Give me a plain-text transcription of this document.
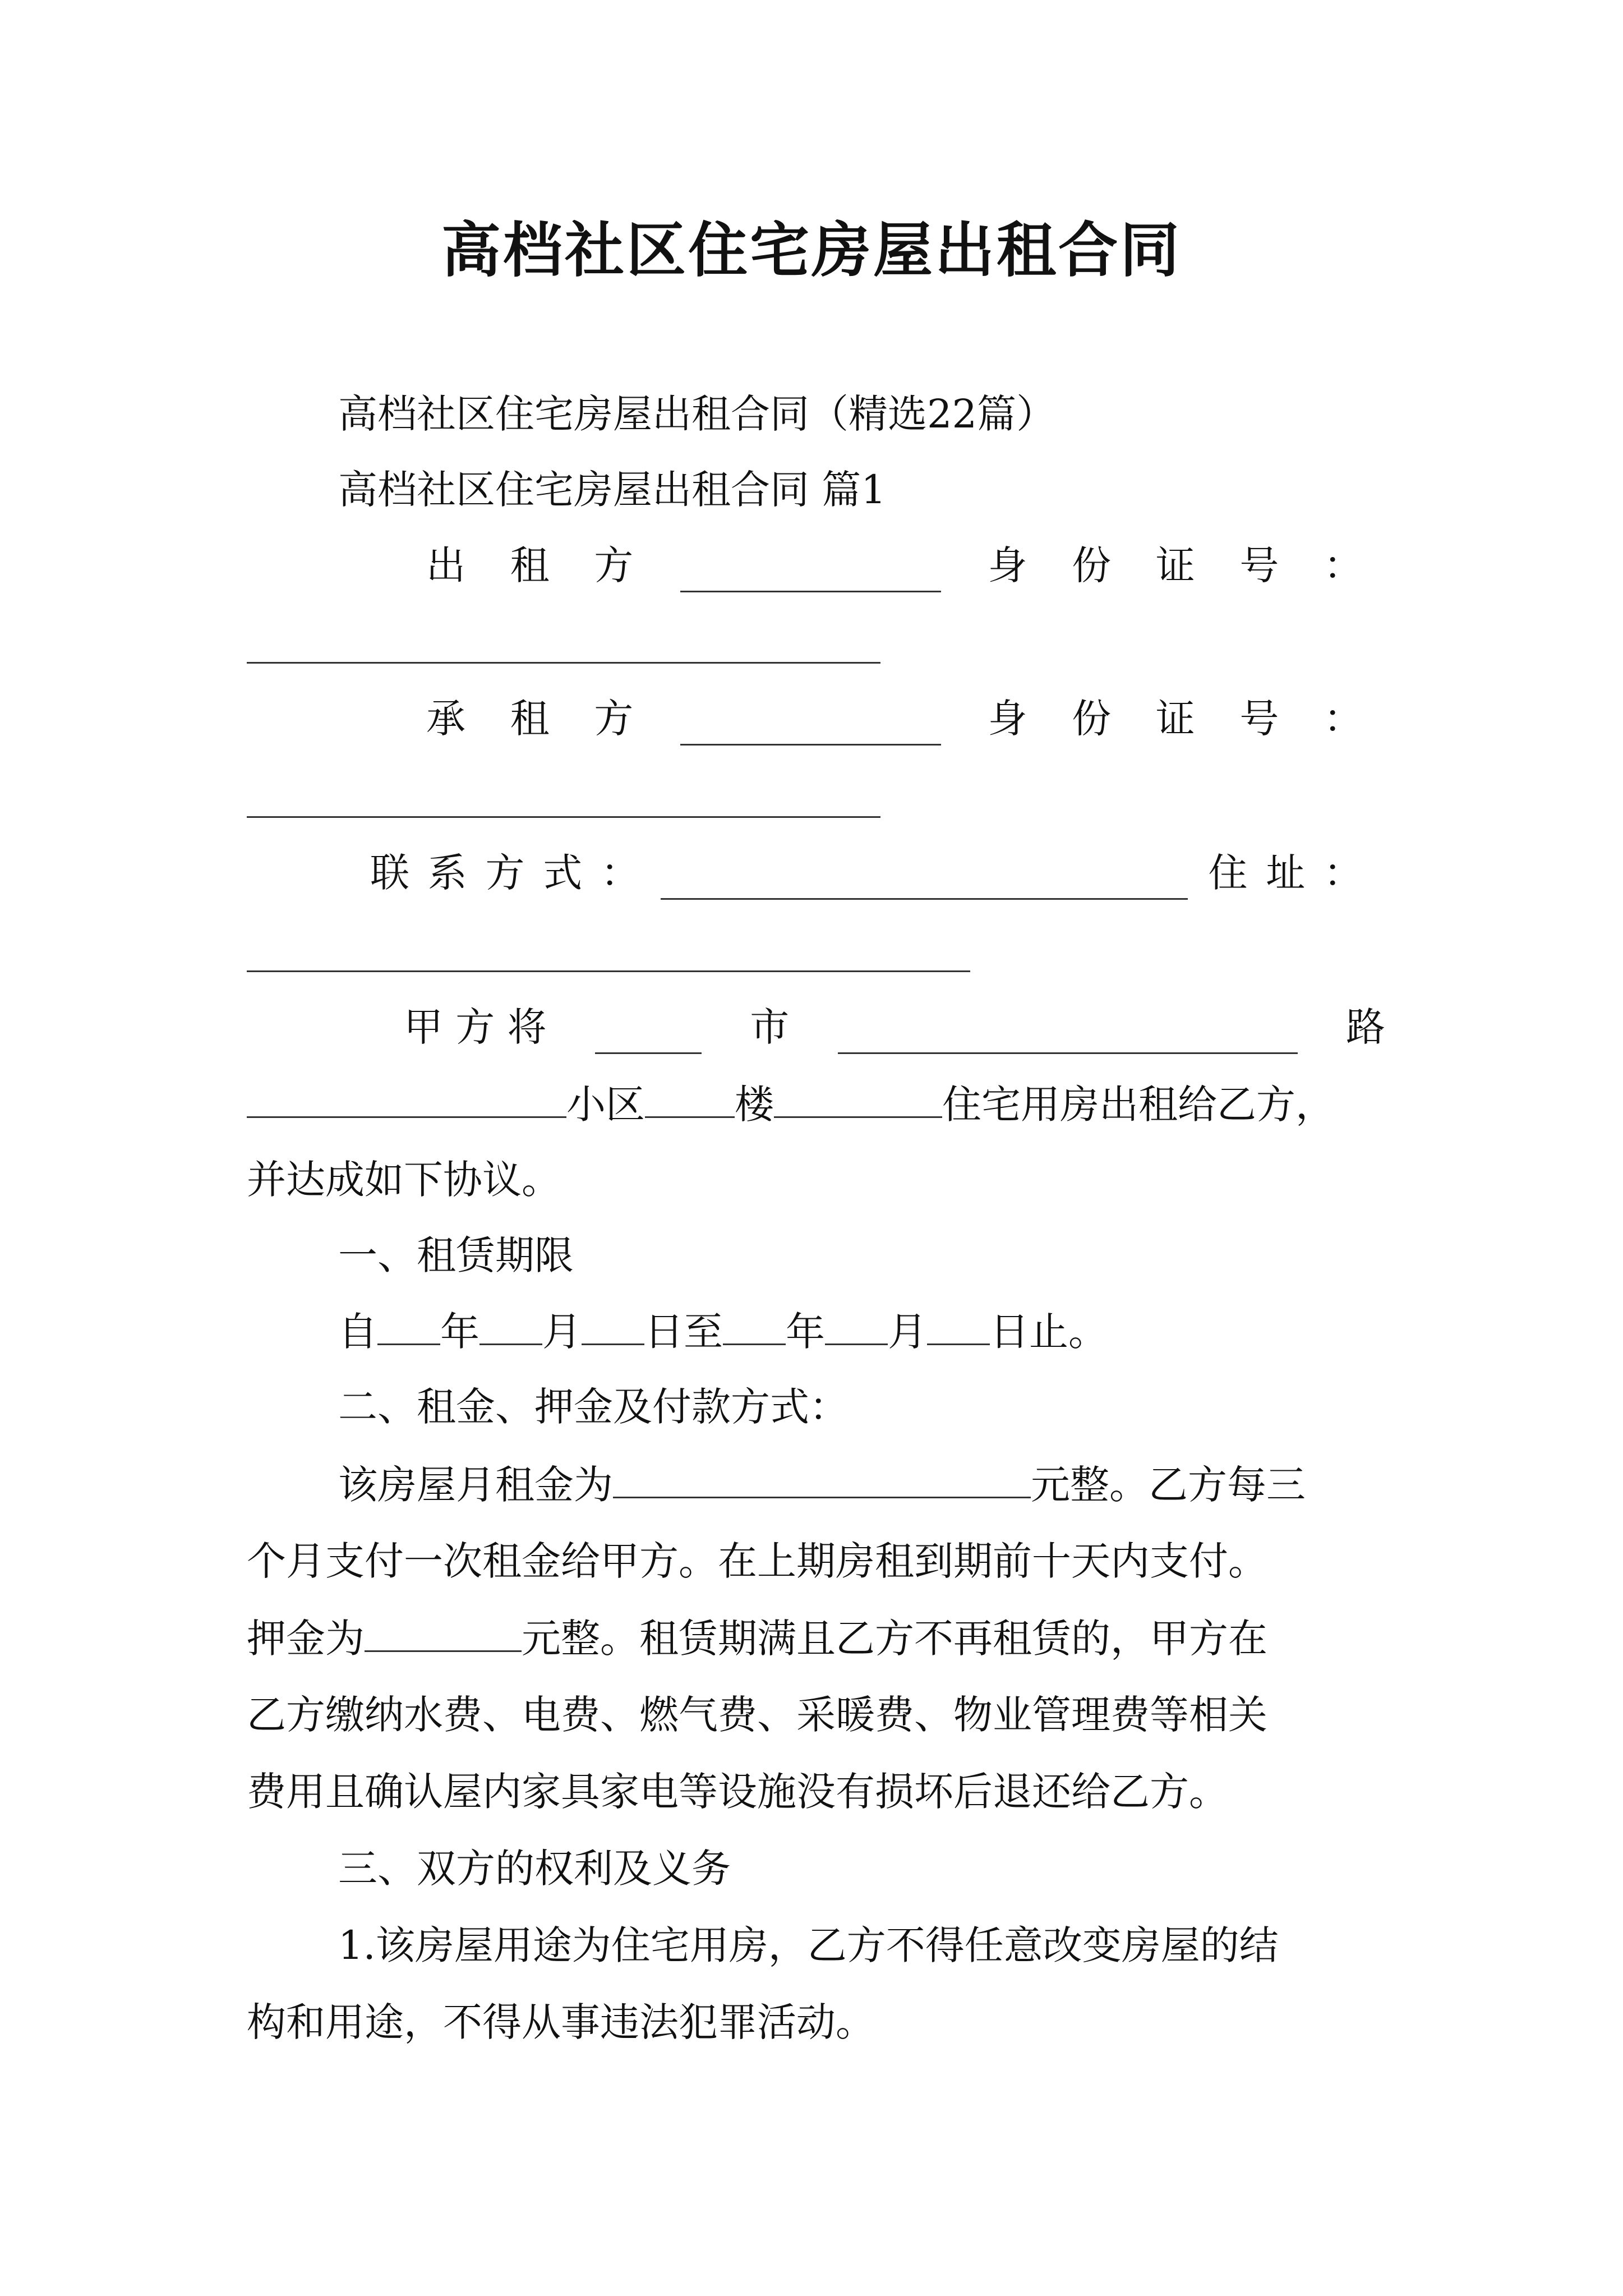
高档社区住宅房屋出租合同
高档社区住宅房屋出租合同（精选22篇）
高档社区住宅房屋出租合同 篇1
出 租 方	身 份 证 号 ：
承 租 方	身 份 证 号 ：
联 系 方 式 ：	住 址 ：
甲 方 将	市	路
小区 楼	住宅用房出租给乙方，
并达成如下协议。
一、租赁期限
自 年 月 日至 年 月 日止。
二、租金、押金及付款方式：
该房屋月租金为	元整。乙方每三
个月支付一次租金给甲方。在上期房租到期前十天内支付。
押金为	元整。租赁期满且乙方不再租赁的，甲方在
乙方缴纳水费、电费、燃气费、采暖费、物业管理费等相关
费用且确认屋内家具家电等设施没有损坏后退还给乙方。
三、双方的权利及义务
1.该房屋用途为住宅用房，乙方不得任意改变房屋的结
构和用途，不得从事违法犯罪活动。
